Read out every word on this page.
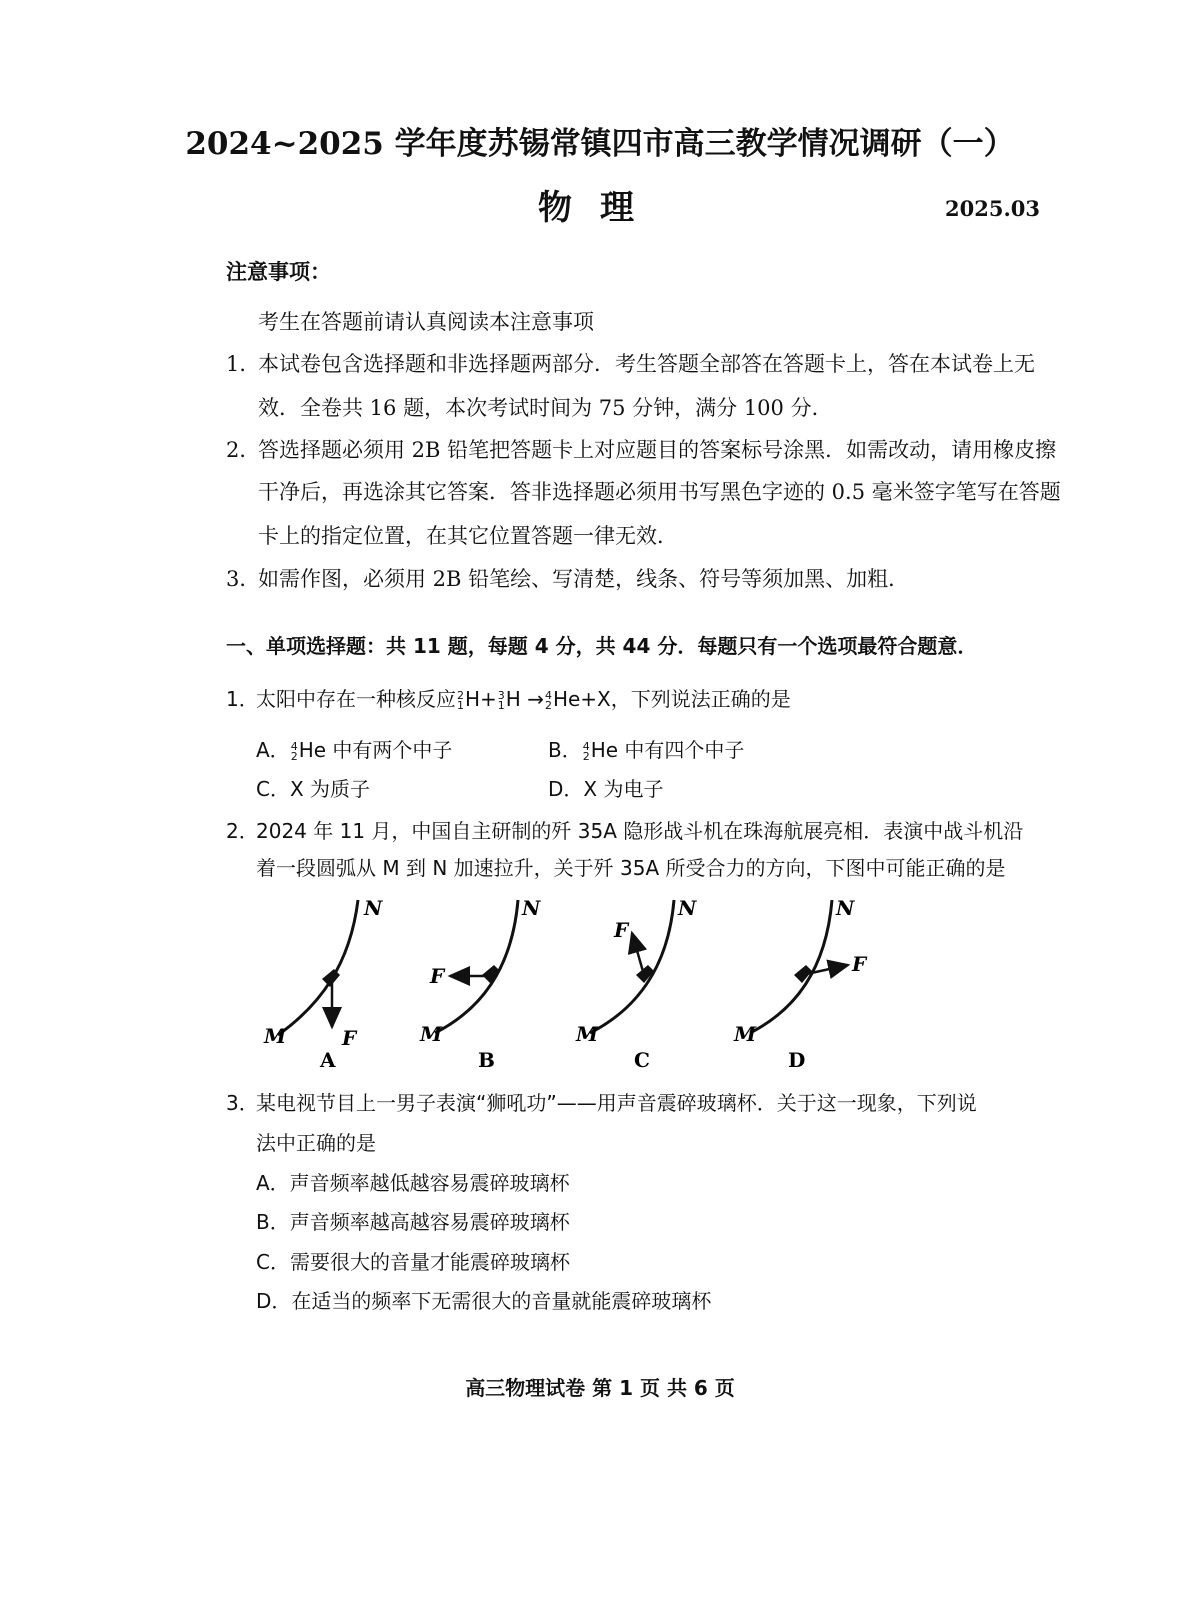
2024~2025 学年度苏锡常镇四市高三教学情况调研（一）
物理	2025.03
注意事项：
考生在答题前请认真阅读本注意事项
1．
本试卷包含选择题和非选择题两部分．考生答题全部答在答题卡上，答在本试卷上无
效．全卷共 16 题，本次考试时间为 75 分钟，满分 100 分．
2．
答选择题必须用 2B 铅笔把答题卡上对应题目的答案标号涂黑．如需改动，请用橡皮擦
干净后，再选涂其它答案．答非选择题必须用书写黑色字迹的 0.5 毫米签字笔写在答题
卡上的指定位置，在其它位置答题一律无效．
3．
如需作图，必须用 2B 铅笔绘、写清楚，线条、符号等须加黑、加粗．
一、单项选择题：共 11 题，每题 4 分，共 44 分．每题只有一个选项最符合题意．
1．
太阳中存在一种核反应 2
1 H+ 3
1 H → 4
2 He+X，下列说法正确的是
A． 4
2 He 中有两个中子	B． 4
2 He 中有四个中子
C．X 为质子	D．X 为电子
2．
2024 年 11 月，中国自主研制的歼 35A 隐形战斗机在珠海航展亮相．表演中战斗机沿
着一段圆弧从 M 到 N 加速拉升，关于歼 35A 所受合力的方向，下图中可能正确的是
N
M	F
A
N
M
F
B
N
M
F
C
N
M
F
D
3．
某电视节目上一男子表演“狮吼功”——用声音震碎玻璃杯．关于这一现象，下列说
法中正确的是
A．声音频率越低越容易震碎玻璃杯
B．声音频率越高越容易震碎玻璃杯
C．需要很大的音量才能震碎玻璃杯
D．在适当的频率下无需很大的音量就能震碎玻璃杯
高三物理试卷 第 1 页 共 6 页
